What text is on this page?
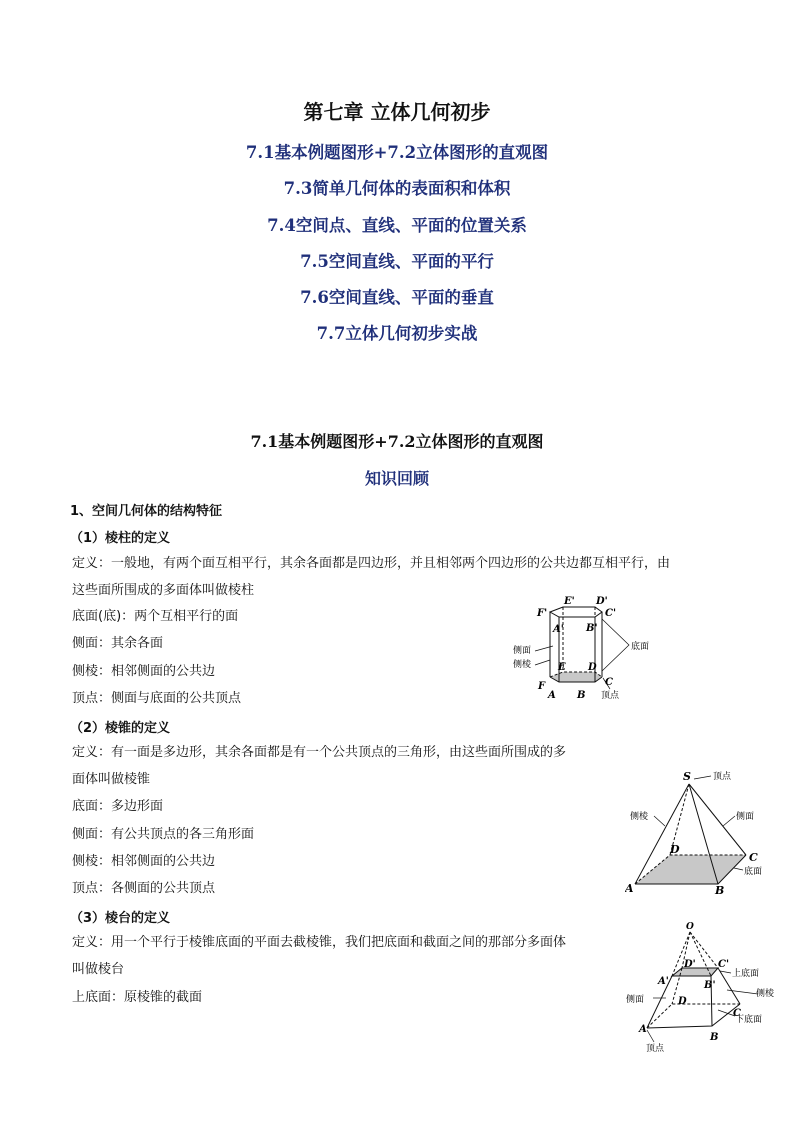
第七章 立体几何初步
7.1基本例题图形+7.2立体图形的直观图
7.3简单几何体的表面积和体积
7.4空间点、直线、平面的位置关系
7.5空间直线、平面的平行
7.6空间直线、平面的垂直
7.7立体几何初步实战
7.1基本例题图形+7.2立体图形的直观图
知识回顾
1、空间几何体的结构特征
（1）棱柱的定义
定义：一般地，有两个面互相平行，其余各面都是四边形，并且相邻两个四边形的公共边都互相平行，由
这些面所围成的多面体叫做棱柱
底面(底)：两个互相平行的面
侧面：其余各面
侧棱：相邻侧面的公共边
顶点：侧面与底面的公共顶点
（2）棱锥的定义
定义：有一面是多边形，其余各面都是有一个公共顶点的三角形，由这些面所围成的多
面体叫做棱锥
底面：多边形面
侧面：有公共顶点的各三角形面
侧棱：相邻侧面的公共边
顶点：各侧面的公共顶点
（3）棱台的定义
定义：用一个平行于棱锥底面的平面去截棱锥，我们把底面和截面之间的那部分多面体
叫做棱台
上底面：原棱锥的截面
E' D'
F'	C'
A' B'
E D
F	C
A B
侧面
侧棱
底面
顶点
S
D
C
A	B
顶点
侧棱	侧面
底面
O
D' C'
A'	B'
D
C
A
B
上底面
侧棱
侧面
下底面
顶点
